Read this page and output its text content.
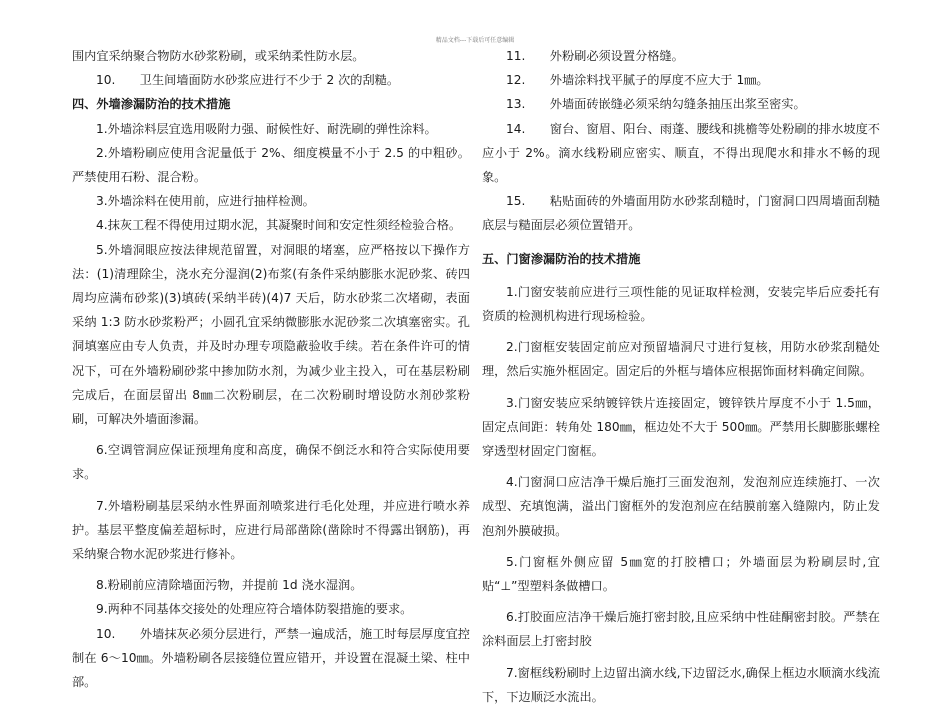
精品文档---下载后可任意编辑

围内宜采纳聚合物防水砂浆粉刷，或采纳柔性防水层。

10.　　卫生间墙面防水砂浆应进行不少于 2 次的刮糙。

四、外墙渗漏防治的技术措施

1.外墙涂料层宜选用吸附力强、耐候性好、耐洗刷的弹性涂料。

2.外墙粉刷应使用含泥量低于 2%、细度模量不小于 2.5 的中粗砂。严禁使用石粉、混合粉。

3.外墙涂料在使用前，应进行抽样检测。

4.抹灰工程不得使用过期水泥，其凝聚时间和安定性须经检验合格。

5.外墙洞眼应按法律规范留置，对洞眼的堵塞，应严格按以下操作方法：(1)清理除尘，浇水充分湿润(2)布浆(有条件采纳膨胀水泥砂浆、砖四周均应满布砂浆)(3)填砖(采纳半砖)(4)7 天后，防水砂浆二次堵砌，表面采纳 1:3 防水砂浆粉严；小圆孔宜采纳微膨胀水泥砂浆二次填塞密实。孔洞填塞应由专人负责，并及时办理专项隐蔽验收手续。若在条件许可的情况下，可在外墙粉刷砂浆中掺加防水剂，为减少业主投入，可在基层粉刷完成后，在面层留出 8㎜二次粉刷层，在二次粉刷时增设防水剂砂浆粉刷，可解决外墙面渗漏。

6.空调管洞应保证预埋角度和高度，确保不倒泛水和符合实际使用要求。

7.外墙粉刷基层采纳水性界面剂喷浆进行毛化处理，并应进行喷水养护。基层平整度偏差超标时，应进行局部凿除(凿除时不得露出钢筋)，再采纳聚合物水泥砂浆进行修补。

8.粉刷前应清除墙面污物，并提前 1d 浇水湿润。

9.两种不同基体交接处的处理应符合墙体防裂措施的要求。

10.　　外墙抹灰必须分层进行，严禁一遍成活，施工时每层厚度宜控制在 6～10㎜。外墙粉刷各层接缝位置应错开，并设置在混凝土梁、柱中部。

11.　　外粉刷必须设置分格缝。

12.　　外墙涂料找平腻子的厚度不应大于 1㎜。

13.　　外墙面砖嵌缝必须采纳勾缝条抽压出浆至密实。

14.　　窗台、窗眉、阳台、雨蓬、腰线和挑檐等处粉刷的排水坡度不应小于 2%。滴水线粉刷应密实、顺直，不得出现爬水和排水不畅的现象。

15.　　粘贴面砖的外墙面用防水砂浆刮糙时，门窗洞口四周墙面刮糙底层与糙面层必须位置错开。

五、门窗渗漏防治的技术措施

1.门窗安装前应进行三项性能的见证取样检测，安装完毕后应委托有资质的检测机构进行现场检验。

2.门窗框安装固定前应对预留墙洞尺寸进行复核，用防水砂浆刮糙处理，然后实施外框固定。固定后的外框与墙体应根据饰面材料确定间隙。

3.门窗安装应采纳镀锌铁片连接固定，镀锌铁片厚度不小于 1.5㎜，固定点间距：转角处 180㎜，框边处不大于 500㎜。严禁用长脚膨胀螺栓穿透型材固定门窗框。

4.门窗洞口应洁净干燥后施打三面发泡剂，发泡剂应连续施打、一次成型、充填饱满，溢出门窗框外的发泡剂应在结膜前塞入缝隙内，防止发泡剂外膜破损。

5.门窗框外侧应留 5㎜宽的打胶槽口；外墙面层为粉刷层时,宜贴“⊥”型塑料条做槽口。

6.打胶面应洁净干燥后施打密封胶,且应采纳中性硅酮密封胶。严禁在涂料面层上打密封胶

7.窗框线粉刷时上边留出滴水线,下边留泛水,确保上框边水顺滴水线流下，下边顺泛水流出。
